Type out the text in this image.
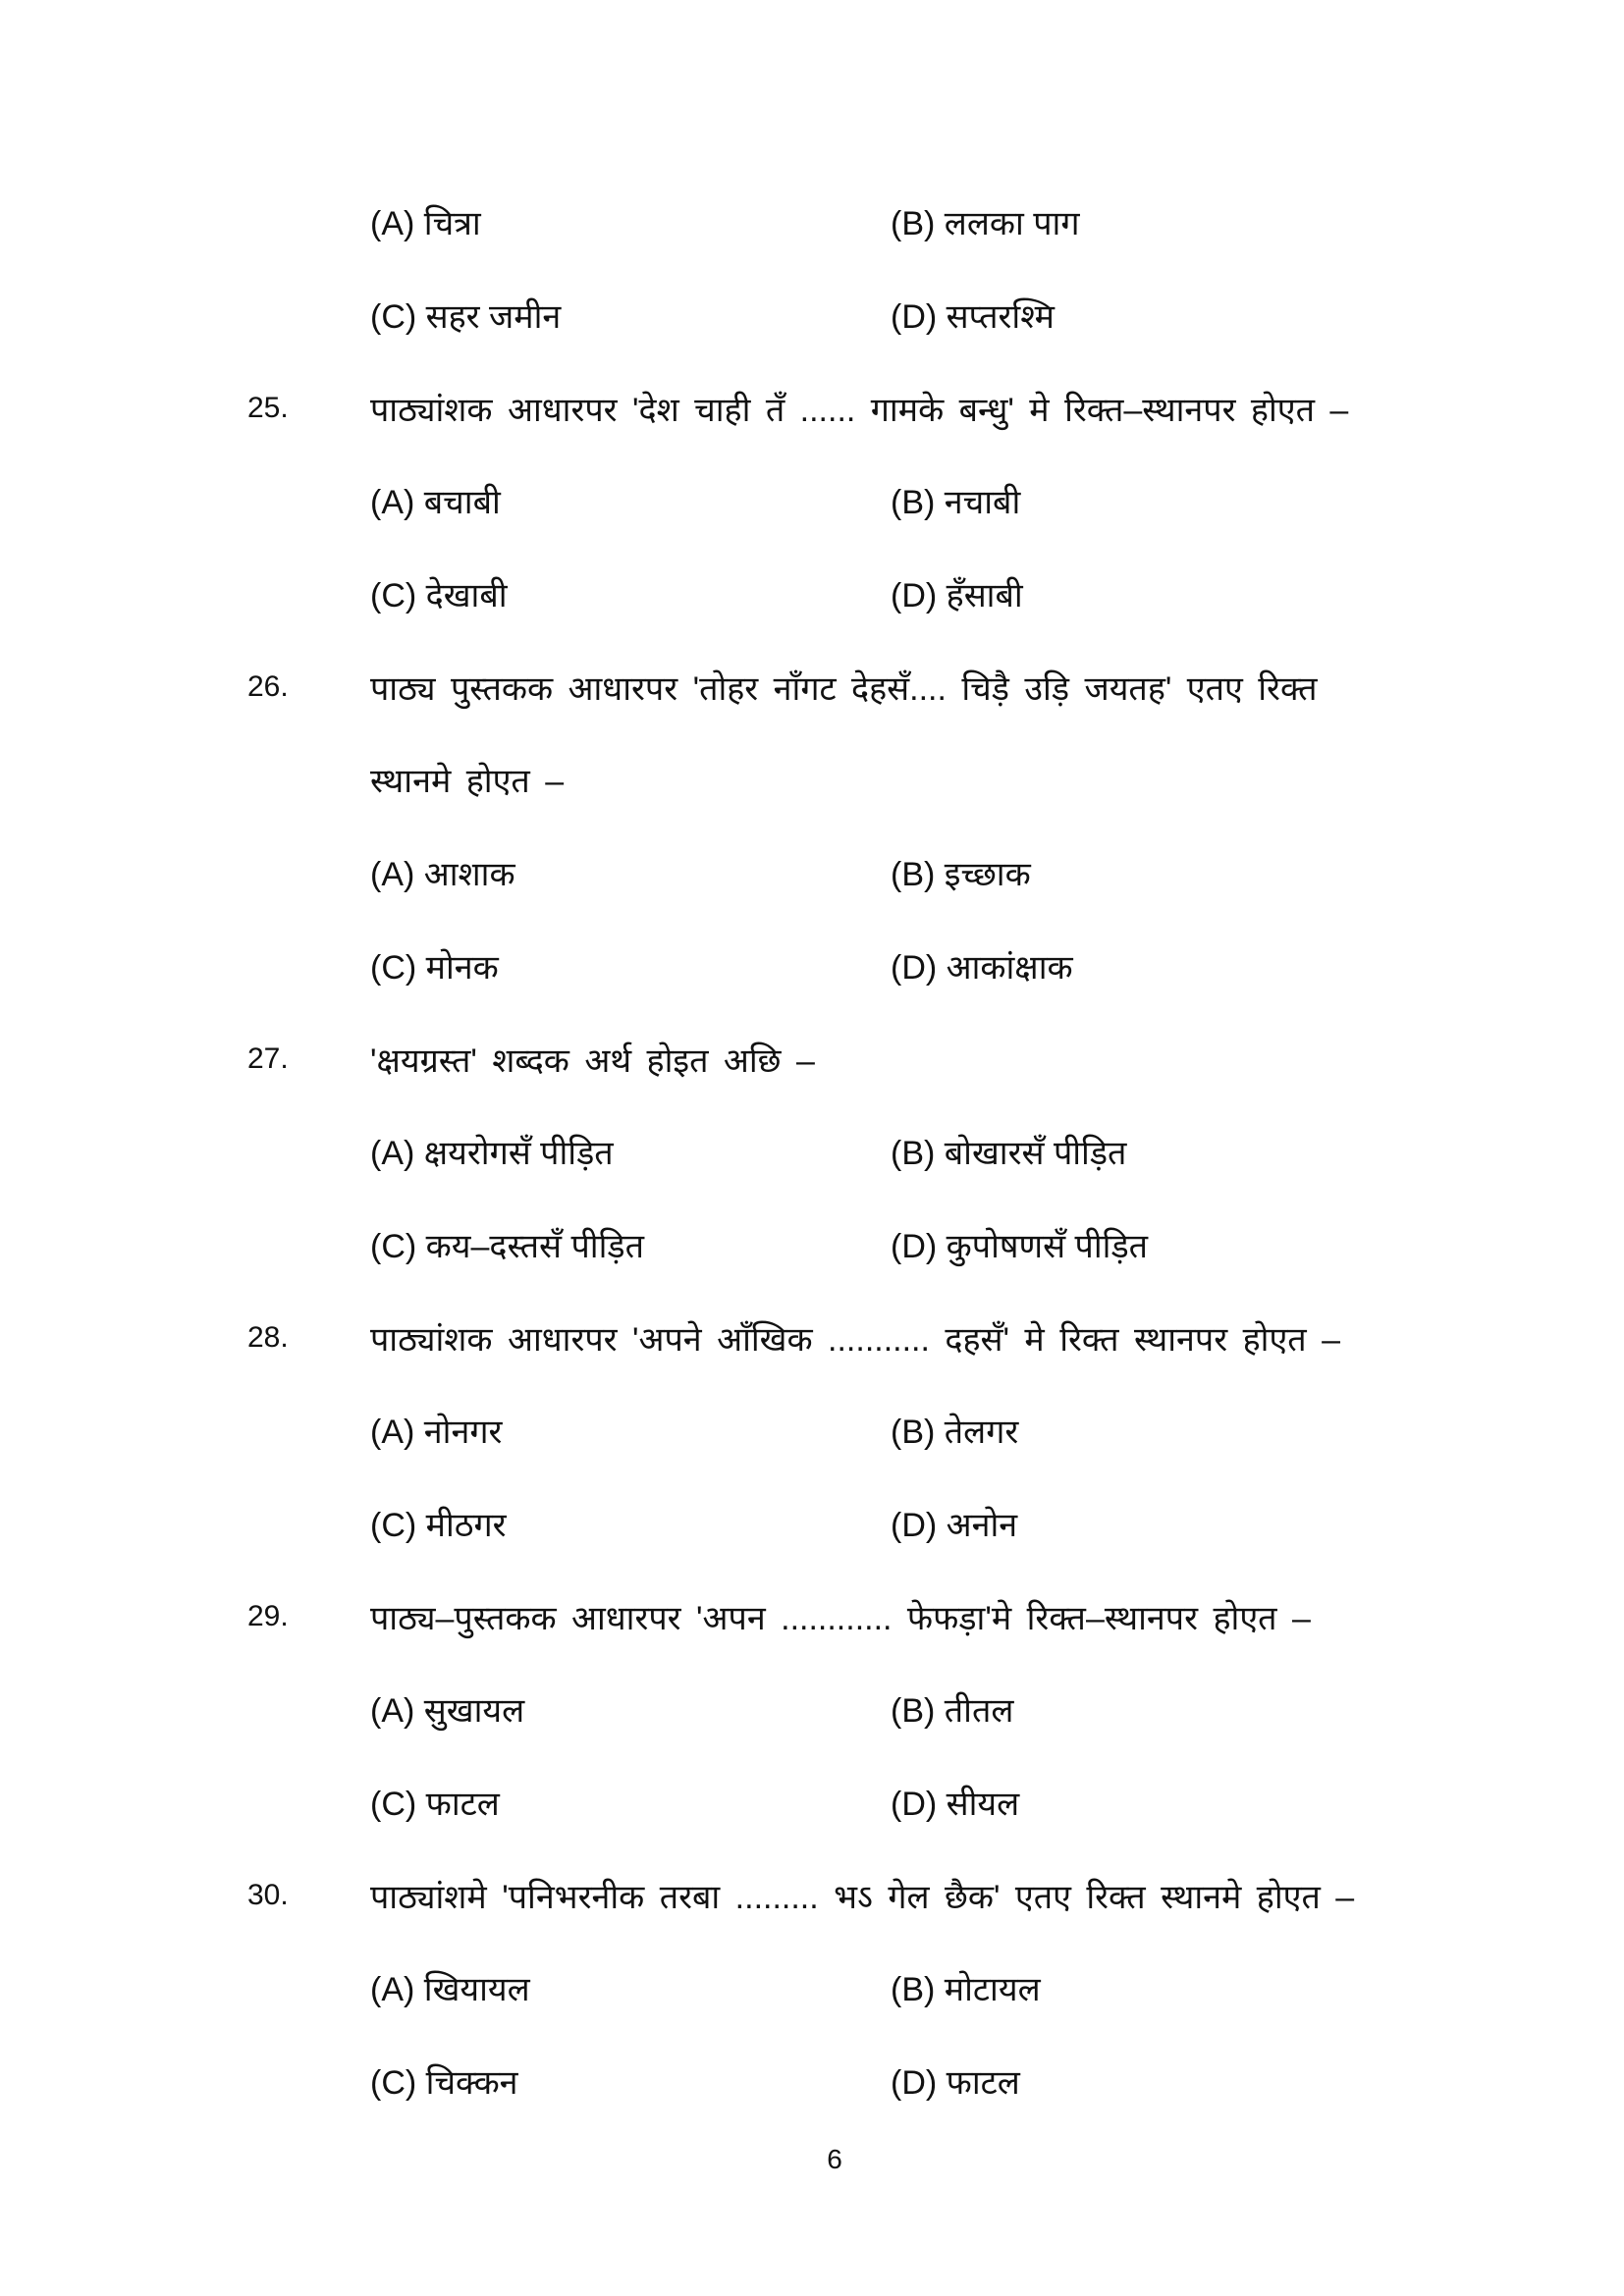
(A) चित्रा	(B) ललका पाग
(C) सहर जमीन	(D) सप्तरश्मि
25. पाठ्यांशक आधारपर 'देश चाही तँ ...... गामके बन्धु' मे रिक्त–स्थानपर होएत –
(A) बचाबी	(B) नचाबी
(C) देखाबी	(D) हँसाबी
26. पाठ्य पुस्तकक आधारपर 'तोहर नाँगट देहसँ.... चिड़ै उड़ि जयतह' एतए रिक्त
स्थानमे होएत –
(A) आशाक	(B) इच्छाक
(C) मोनक	(D) आकांक्षाक
27. 'क्षयग्रस्त' शब्दक अर्थ होइत अछि –
(A) क्षयरोगसँ पीड़ित	(B) बोखारसँ पीड़ित
(C) कय–दस्तसँ पीड़ित	(D) कुपोषणसँ पीड़ित
28. पाठ्यांशक आधारपर 'अपने आँखिक ........... दहसँ' मे रिक्त स्थानपर होएत –
(A) नोनगर	(B) तेलगर
(C) मीठगर	(D) अनोन
29. पाठ्य–पुस्तकक आधारपर 'अपन ............ फेफड़ा'मे रिक्त–स्थानपर होएत –
(A) सुखायल	(B) तीतल
(C) फाटल	(D) सीयल
30. पाठ्यांशमे 'पनिभरनीक तरबा ......... भऽ गेल छैक' एतए रिक्त स्थानमे होएत –
(A) खियायल	(B) मोटायल
(C) चिक्कन	(D) फाटल
6
